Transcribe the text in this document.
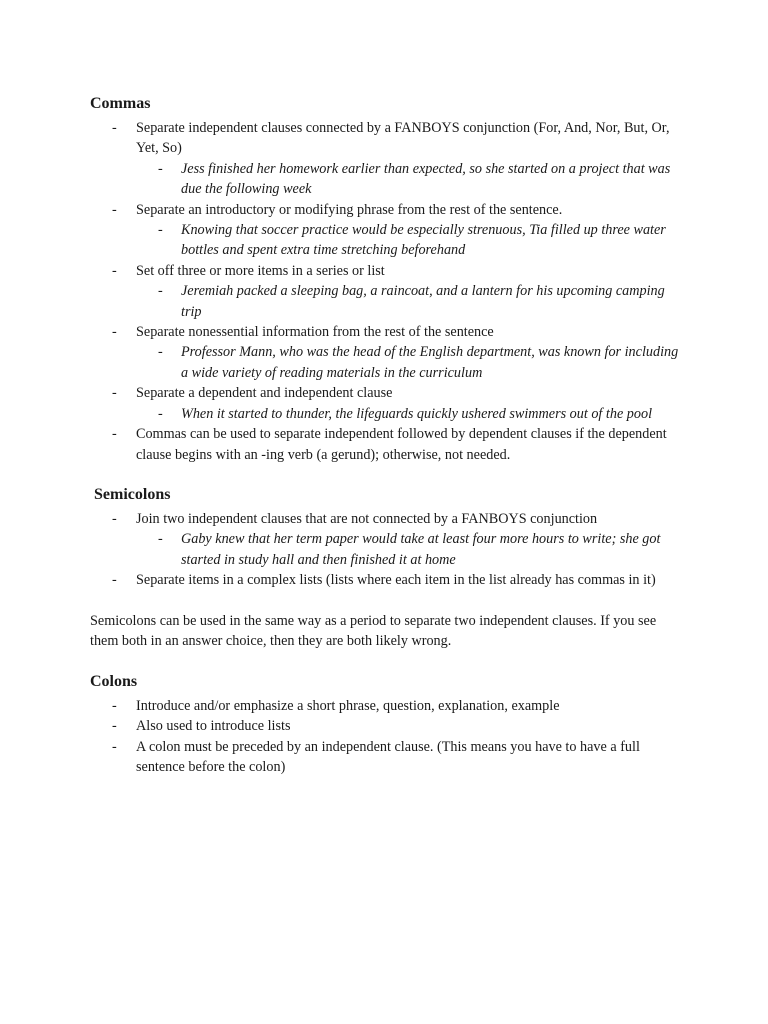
Commas
- Separate independent clauses connected by a FANBOYS conjunction (For, And, Nor, But, Or, Yet, So)
- Jess finished her homework earlier than expected, so she started on a project that was due the following week
- Separate an introductory or modifying phrase from the rest of the sentence.
- Knowing that soccer practice would be especially strenuous, Tia filled up three water bottles and spent extra time stretching beforehand
- Set off three or more items in a series or list
- Jeremiah packed a sleeping bag, a raincoat, and a lantern for his upcoming camping trip
- Separate nonessential information from the rest of the sentence
- Professor Mann, who was the head of the English department, was known for including a wide variety of reading materials in the curriculum
- Separate a dependent and independent clause
- When it started to thunder, the lifeguards quickly ushered swimmers out of the pool
- Commas can be used to separate independent followed by dependent clauses if the dependent clause begins with an -ing verb (a gerund); otherwise, not needed.
Semicolons
- Join two independent clauses that are not connected by a FANBOYS conjunction
- Gaby knew that her term paper would take at least four more hours to write; she got started in study hall and then finished it at home
- Separate items in a complex lists (lists where each item in the list already has commas in it)

Semicolons can be used in the same way as a period to separate two independent clauses. If you see them both in an answer choice, then they are both likely wrong.

Colons
- Introduce and/or emphasize a short phrase, question, explanation, example
- Also used to introduce lists
- A colon must be preceded by an independent clause. (This means you have to have a full sentence before the colon)
